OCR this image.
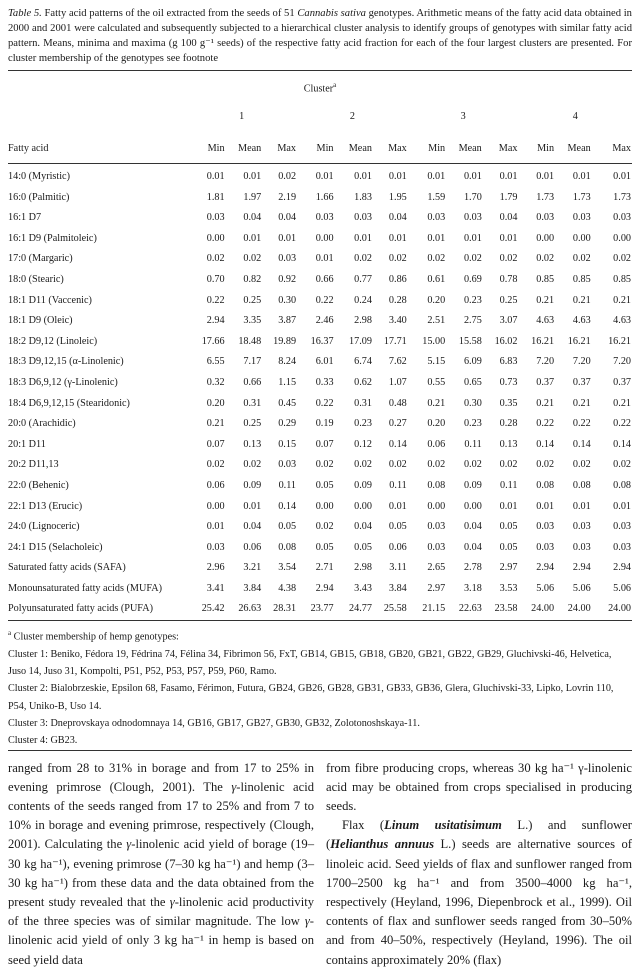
Table 5. Fatty acid patterns of the oil extracted from the seeds of 51 Cannabis sativa genotypes. Arithmetic means of the fatty acid data obtained in 2000 and 2001 were calculated and subsequently subjected to a hierarchical cluster analysis to identify groups of genotypes with similar fatty acid pattern. Means, minima and maxima (g 100 g⁻¹ seeds) of the respective fatty acid fraction for each of the four largest clusters are presented. For cluster membership of the genotypes see footnote

Cluster$^a$
	1			2			3			4		
Fatty acid	Min	Mean	Max	Min	Mean	Max	Min	Mean	Max	Min	Mean	Max

14:0 (Myristic)	0.01	0.01	0.02	0.01	0.01	0.01	0.01	0.01	0.01	0.01	0.01	0.01
16:0 (Palmitic)	1.81	1.97	2.19	1.66	1.83	1.95	1.59	1.70	1.79	1.73	1.73	1.73
16:1 D7	0.03	0.04	0.04	0.03	0.03	0.04	0.03	0.03	0.04	0.03	0.03	0.03
16:1 D9 (Palmitoleic)	0.00	0.01	0.01	0.00	0.01	0.01	0.01	0.01	0.01	0.00	0.00	0.00
17:0 (Margaric)	0.02	0.02	0.03	0.01	0.02	0.02	0.02	0.02	0.02	0.02	0.02	0.02
18:0 (Stearic)	0.70	0.82	0.92	0.66	0.77	0.86	0.61	0.69	0.78	0.85	0.85	0.85
18:1 D11 (Vaccenic)	0.22	0.25	0.30	0.22	0.24	0.28	0.20	0.23	0.25	0.21	0.21	0.21
18:1 D9 (Oleic)	2.94	3.35	3.87	2.46	2.98	3.40	2.51	2.75	3.07	4.63	4.63	4.63
18:2 D9,12 (Linoleic)	17.66	18.48	19.89	16.37	17.09	17.71	15.00	15.58	16.02	16.21	16.21	16.21
18:3 D9,12,15 (α-Linolenic)	6.55	7.17	8.24	6.01	6.74	7.62	5.15	6.09	6.83	7.20	7.20	7.20
18:3 D6,9,12 (γ-Linolenic)	0.32	0.66	1.15	0.33	0.62	1.07	0.55	0.65	0.73	0.37	0.37	0.37
18:4 D6,9,12,15 (Stearidonic)	0.20	0.31	0.45	0.22	0.31	0.48	0.21	0.30	0.35	0.21	0.21	0.21
20:0 (Arachidic)	0.21	0.25	0.29	0.19	0.23	0.27	0.20	0.23	0.28	0.22	0.22	0.22
20:1 D11	0.07	0.13	0.15	0.07	0.12	0.14	0.06	0.11	0.13	0.14	0.14	0.14
20:2 D11,13	0.02	0.02	0.03	0.02	0.02	0.02	0.02	0.02	0.02	0.02	0.02	0.02
22:0 (Behenic)	0.06	0.09	0.11	0.05	0.09	0.11	0.08	0.09	0.11	0.08	0.08	0.08
22:1 D13 (Erucic)	0.00	0.01	0.14	0.00	0.00	0.01	0.00	0.00	0.01	0.01	0.01	0.01
24:0 (Lignoceric)	0.01	0.04	0.05	0.02	0.04	0.05	0.03	0.04	0.05	0.03	0.03	0.03
24:1 D15 (Selacholeic)	0.03	0.06	0.08	0.05	0.05	0.06	0.03	0.04	0.05	0.03	0.03	0.03
Saturated fatty acids (SAFA)	2.96	3.21	3.54	2.71	2.98	3.11	2.65	2.78	2.97	2.94	2.94	2.94
Monounsaturated fatty acids (MUFA)	3.41	3.84	4.38	2.94	3.43	3.84	2.97	3.18	3.53	5.06	5.06	5.06
Polyunsaturated fatty acids (PUFA)	25.42	26.63	28.31	23.77	24.77	25.58	21.15	22.63	23.58	24.00	24.00	24.00
$^a$ Cluster membership of hemp genotypes:
Cluster 1: Beniko, Fédora 19, Fédrina 74, Félina 34, Fibrimon 56, FxT, GB14, GB15, GB18, GB20, GB21, GB22, GB29, Gluchivski-46, Helvetica, Juso 14, Juso 31, Kompolti, P51, P52, P53, P57, P59, P60, Ramo.
Cluster 2: Bialobrzeskie, Epsilon 68, Fasamo, Férimon, Futura, GB24, GB26, GB28, GB31, GB33, GB36, Glera, Gluchivski-33, Lipko, Lovrin 110, P54, Uniko-B, Uso 14.
Cluster 3: Dneprovskaya odnodomnaya 14, GB16, GB17, GB27, GB30, GB32, Zolotonoshskaya-11.
Cluster 4: GB23.

ranged from 28 to 31% in borage and from 17 to 25% in evening primrose (Clough, 2001). The γ-linolenic acid contents of the seeds ranged from 17 to 25% and from 7 to 10% in borage and evening primrose, respectively (Clough, 2001). Calculating the γ-linolenic acid yield of borage (19–30 kg ha⁻¹), evening primrose (7–30 kg ha⁻¹) and hemp (3–30 kg ha⁻¹) from these data and the data obtained from the present study revealed that the γ-linolenic acid productivity of the three species was of similar magnitude. The low γ-linolenic acid yield of only 3 kg ha⁻¹ in hemp is based on seed yield data

from fibre producing crops, whereas 30 kg ha⁻¹ γ-linolenic acid may be obtained from crops specialised in producing seeds.

Flax (Linum usitatisimum L.) and sunflower (Helianthus annuus L.) seeds are alternative sources of linoleic acid. Seed yields of flax and sunflower ranged from 1700–2500 kg ha⁻¹ and from 3500–4000 kg ha⁻¹, respectively (Heyland, 1996, Diepenbrock et al., 1999). Oil contents of flax and sunflower seeds ranged from 30–50% and from 40–50%, respectively (Heyland, 1996). The oil contains approximately 20% (flax)
